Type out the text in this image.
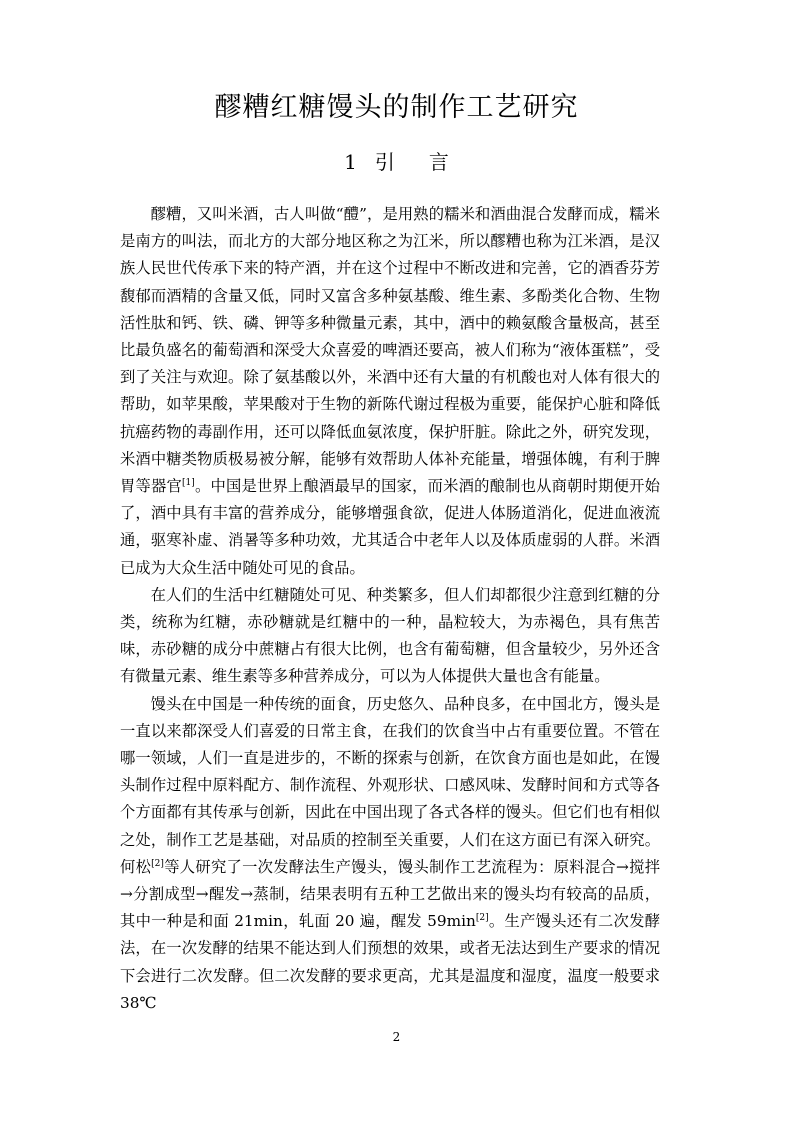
醪糟红糖馒头的制作工艺研究
1 引 言

醪糟，又叫米酒，古人叫做“醴”，是用熟的糯米和酒曲混合发酵而成，糯米是南方的叫法，而北方的大部分地区称之为江米，所以醪糟也称为江米酒，是汉族人民世代传承下来的特产酒，并在这个过程中不断改进和完善，它的酒香芬芳馥郁而酒精的含量又低，同时又富含多种氨基酸、维生素、多酚类化合物、生物活性肽和钙、铁、磷、钾等多种微量元素，其中，酒中的赖氨酸含量极高，甚至比最负盛名的葡萄酒和深受大众喜爱的啤酒还要高，被人们称为“液体蛋糕”，受到了关注与欢迎。除了氨基酸以外，米酒中还有大量的有机酸也对人体有很大的帮助，如苹果酸，苹果酸对于生物的新陈代谢过程极为重要，能保护心脏和降低抗癌药物的毒副作用，还可以降低血氨浓度，保护肝脏。除此之外，研究发现，米酒中糖类物质极易被分解，能够有效帮助人体补充能量，增强体魄，有利于脾胃等器官[1]。中国是世界上酿酒最早的国家，而米酒的酿制也从商朝时期便开始了，酒中具有丰富的营养成分，能够增强食欲，促进人体肠道消化，促进血液流通，驱寒补虚、消暑等多种功效，尤其适合中老年人以及体质虚弱的人群。米酒已成为大众生活中随处可见的食品。

在人们的生活中红糖随处可见、种类繁多，但人们却都很少注意到红糖的分类，统称为红糖，赤砂糖就是红糖中的一种，晶粒较大，为赤褐色，具有焦苦味，赤砂糖的成分中蔗糖占有很大比例，也含有葡萄糖，但含量较少，另外还含有微量元素、维生素等多种营养成分，可以为人体提供大量也含有能量。

馒头在中国是一种传统的面食，历史悠久、品种良多，在中国北方，馒头是一直以来都深受人们喜爱的日常主食，在我们的饮食当中占有重要位置。不管在哪一领域，人们一直是进步的，不断的探索与创新，在饮食方面也是如此，在馒头制作过程中原料配方、制作流程、外观形状、口感风味、发酵时间和方式等各个方面都有其传承与创新，因此在中国出现了各式各样的馒头。但它们也有相似之处，制作工艺是基础，对品质的控制至关重要，人们在这方面已有深入研究。何松[2]等人研究了一次发酵法生产馒头，馒头制作工艺流程为：原料混合→搅拌→分割成型→醒发→蒸制，结果表明有五种工艺做出来的馒头均有较高的品质，其中一种是和面 21min，轧面 20 遍，醒发 59min[2]。生产馒头还有二次发酵法，在一次发酵的结果不能达到人们预想的效果，或者无法达到生产要求的情况下会进行二次发酵。但二次发酵的要求更高，尤其是温度和湿度，温度一般要求 38℃

2
